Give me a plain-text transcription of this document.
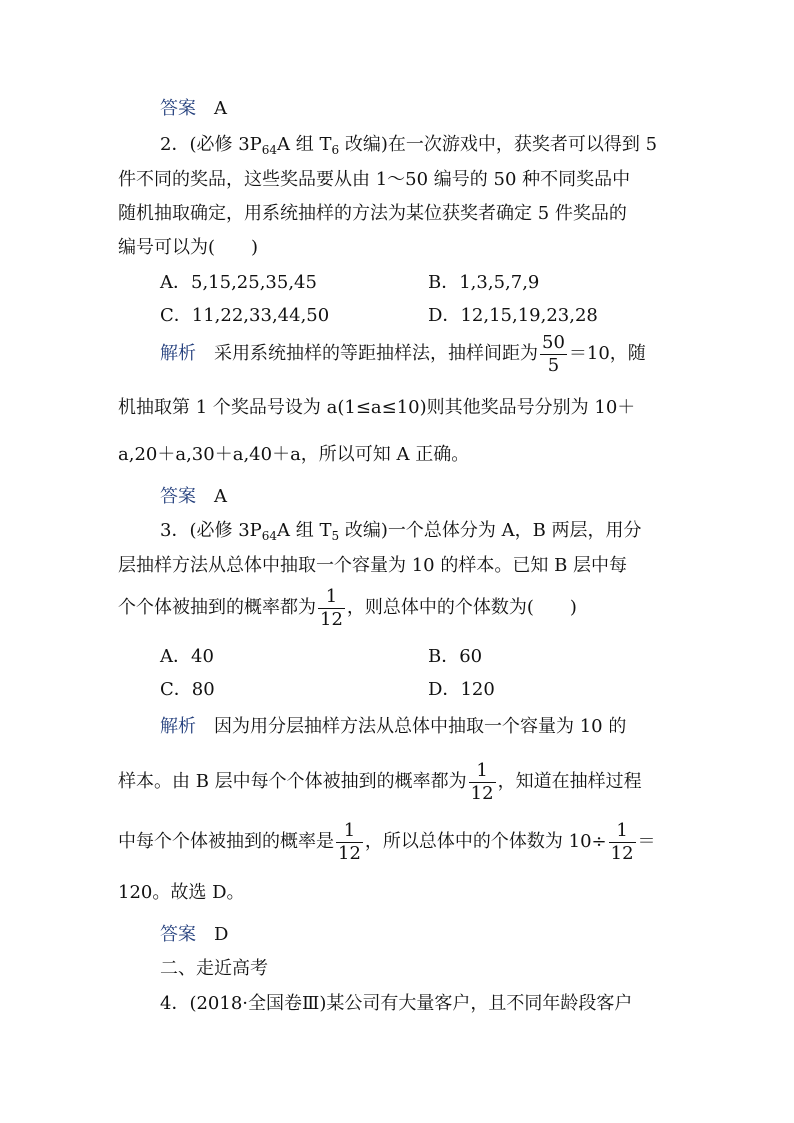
答案 A
2．(必修 $3P_{64}A$ 组 $T_6$ 改编)在一次游戏中，获奖者可以得到 5
件不同的奖品，这些奖品要从由 1～50 编号的 50 种不同奖品中
随机抽取确定，用系统抽样的方法为某位获奖者确定 5 件奖品的
编号可以为(　　)
A．5,15,25,35,45	B．1,3,5,7,9
C．11,22,33,44,50	D．12,15,19,23,28
解析 采用系统抽样的等距抽样法，抽样间距为 $\frac{50}{5} =10$，随
机抽取第 1 个奖品号设为 a(1≤a≤10)则其他奖品号分别为 10＋
a,20＋a,30＋a,40＋a，所以可知 A 正确。
答案 A
3．(必修 $3P_{64}A$ 组 $T_5$ 改编)一个总体分为 A，B 两层，用分
层抽样方法从总体中抽取一个容量为 10 的样本。已知 B 层中每
个个体被抽到的概率都为 $\frac{1}{12}$ ，则总体中的个体数为(　　)
A．40	B．60
C．80	D．120
解析 因为用分层抽样方法从总体中抽取一个容量为 10 的
样本。由 B 层中每个个体被抽到的概率都为 $\frac{1}{12}$ ，知道在抽样过程
中每个个体被抽到的概率是 $\frac{1}{12}$ ，所以总体中的个体数为 $10\div \frac{1}{12}$ ＝
120。故选 D。
答案 D
二、走近高考
4．(2018·全国卷Ⅲ)某公司有大量客户，且不同年龄段客户
